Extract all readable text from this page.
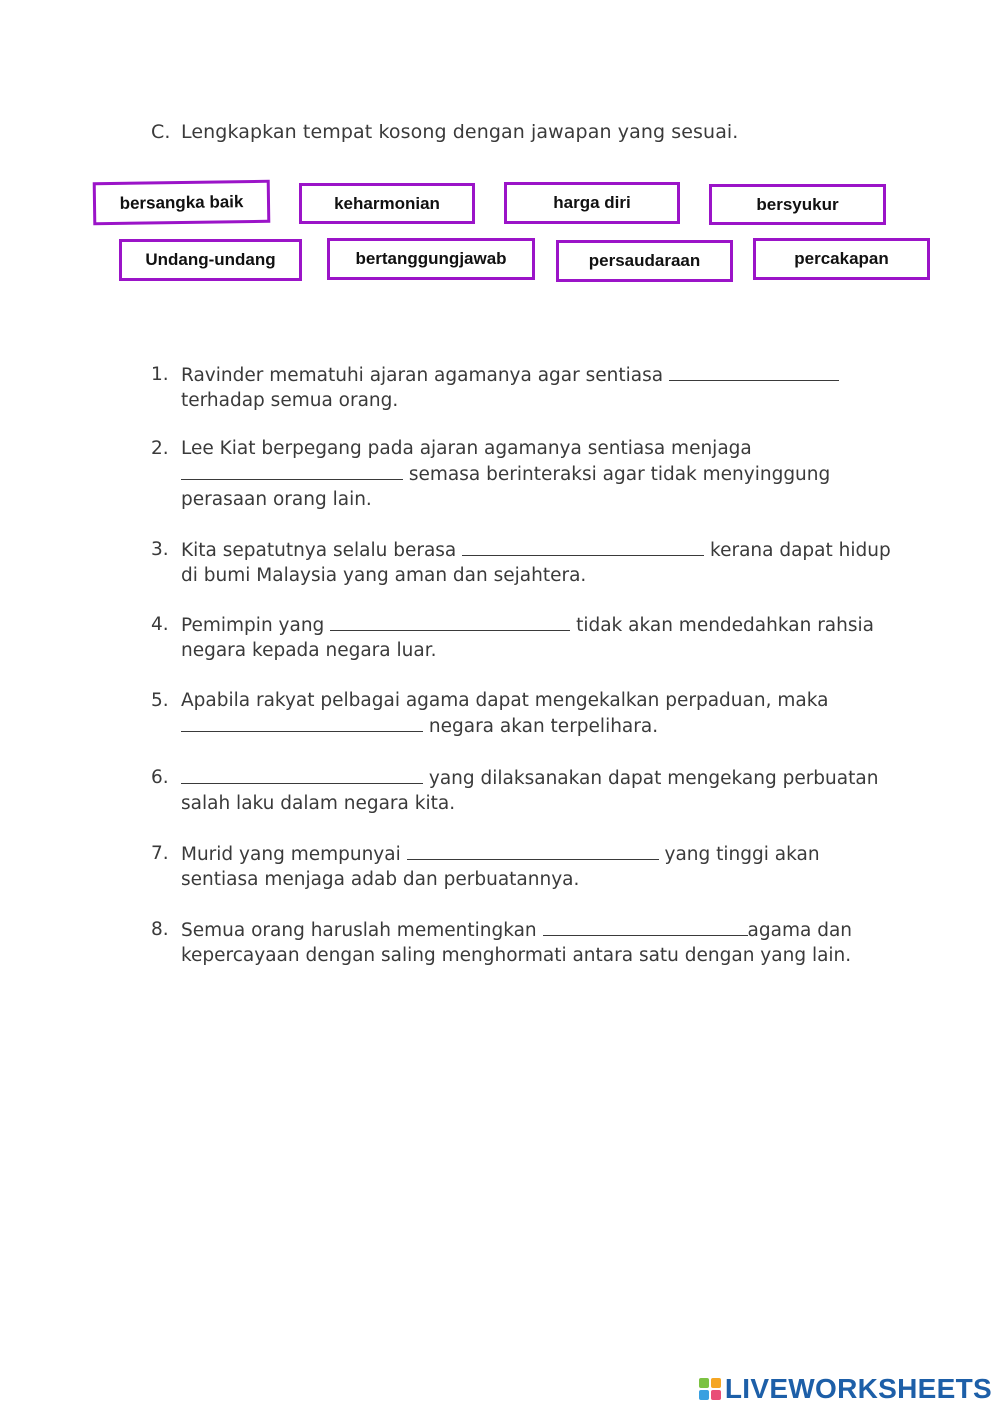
C. Lengkapkan tempat kosong dengan jawapan yang sesuai.
bersangka baik	keharmonian	harga diri	bersyukur
Undang-undang	bertanggungjawab	persaudaraan	percakapan
1. Ravinder mematuhi ajaran agamanya agar sentiasa  terhadap semua orang.
2. Lee Kiat berpegang pada ajaran agamanya sentiasa menjaga  semasa berinteraksi agar tidak menyinggung perasaan orang lain.
3. Kita sepatutnya selalu berasa	kerana dapat hidup di bumi Malaysia yang aman dan sejahtera.
4. Pemimpin yang	tidak akan mendedahkan rahsia negara kepada negara luar.
5. Apabila rakyat pelbagai agama dapat mengekalkan perpaduan, maka  negara akan terpelihara.
6.	yang dilaksanakan dapat mengekang perbuatan salah laku dalam negara kita.
7. Murid yang mempunyai	yang tinggi akan sentiasa menjaga adab dan perbuatannya.
8. Semua orang haruslah mementingkan	agama dan kepercayaan dengan saling menghormati antara satu dengan yang lain.
LIVEWORKSHEETS
